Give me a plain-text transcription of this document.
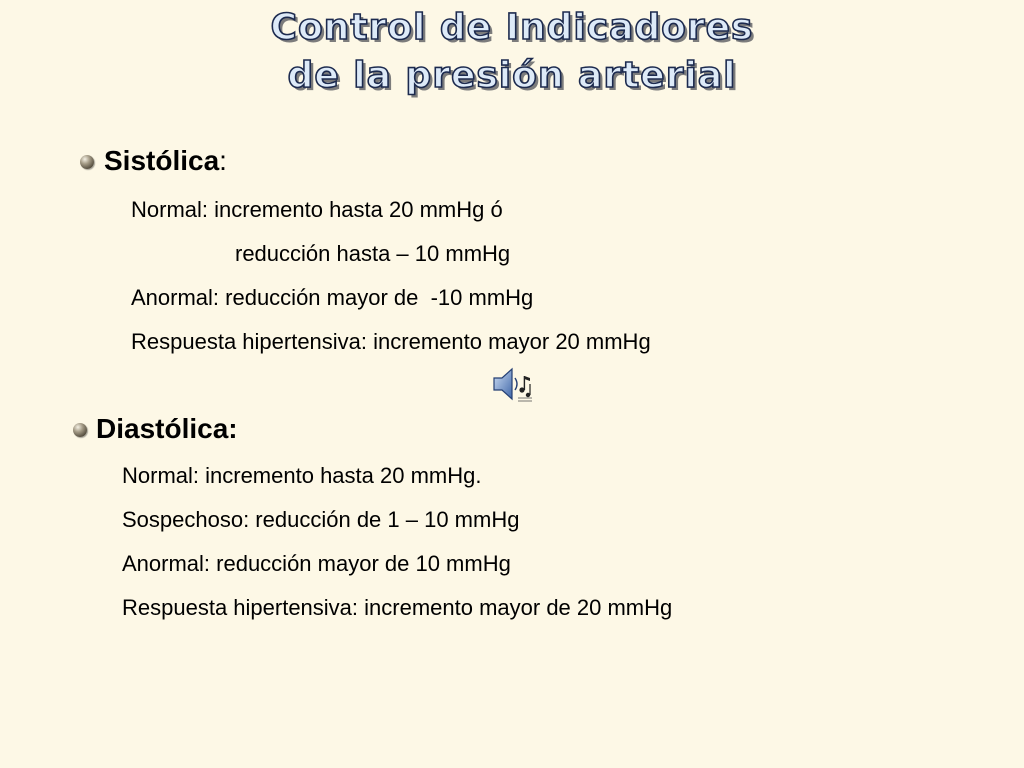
Control de Indicadores
de la presión arterial
Sistólica:
Normal: incremento hasta 20 mmHg ó
reducción hasta – 10 mmHg
Anormal: reducción mayor de  -10 mmHg
Respuesta hipertensiva: incremento mayor 20 mmHg
Diastólica:
Normal: incremento hasta 20 mmHg.
Sospechoso: reducción de 1 – 10 mmHg
Anormal: reducción mayor de 10 mmHg
Respuesta hipertensiva: incremento mayor de 20 mmHg
